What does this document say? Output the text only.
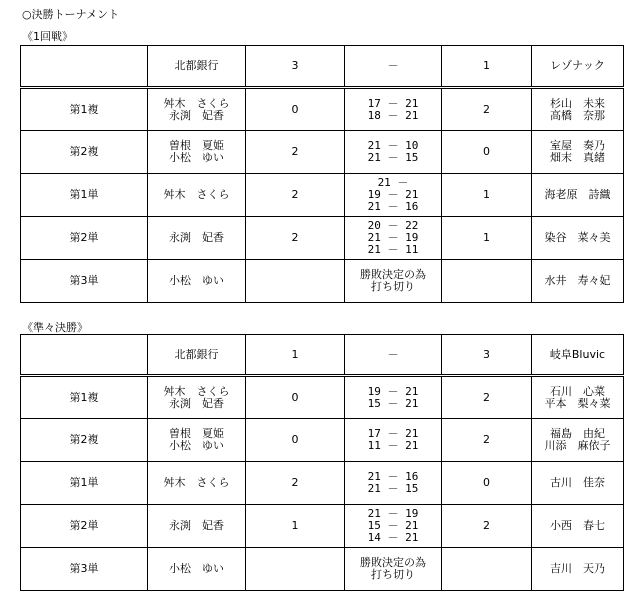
○決勝トーナメント
《1回戦》
	北都銀行	3	－	1	レゾナック
第1複	舛木　さくら
永渕　妃香	0	17 － 21
18 － 21	2	杉山　未来
高橋　奈那

第2複	曽根　夏姫
小松　ゆい	2	21 － 10
21 － 15	0	室屋　奏乃
畑末　真緒

第1単	舛木　さくら	2	21 －
19 － 21
21 － 16	1	海老原　詩織

第2単	永渕　妃香	2	20 － 22
21 － 19
21 － 11	1	染谷　菜々美

第3単	小松　ゆい		勝敗決定の為
打ち切り		水井　寿々妃
《準々決勝》
	北都銀行	1	－	3	岐阜Bluvic
第1複	舛木　さくら
永渕　妃香	0	19 － 21
15 － 21	2	石川　心菜
平本　梨々菜

第2複	曽根　夏姫
小松　ゆい	0	17 － 21
11 － 21	2	福島　由紀
川添　麻依子

第1単	舛木　さくら	2	21 － 16
21 － 15	0	古川　佳奈

第2単	永渕　妃香	1	21 － 19
15 － 21
14 － 21	2	小西　春七

第3単	小松　ゆい		勝敗決定の為
打ち切り		吉川　天乃
